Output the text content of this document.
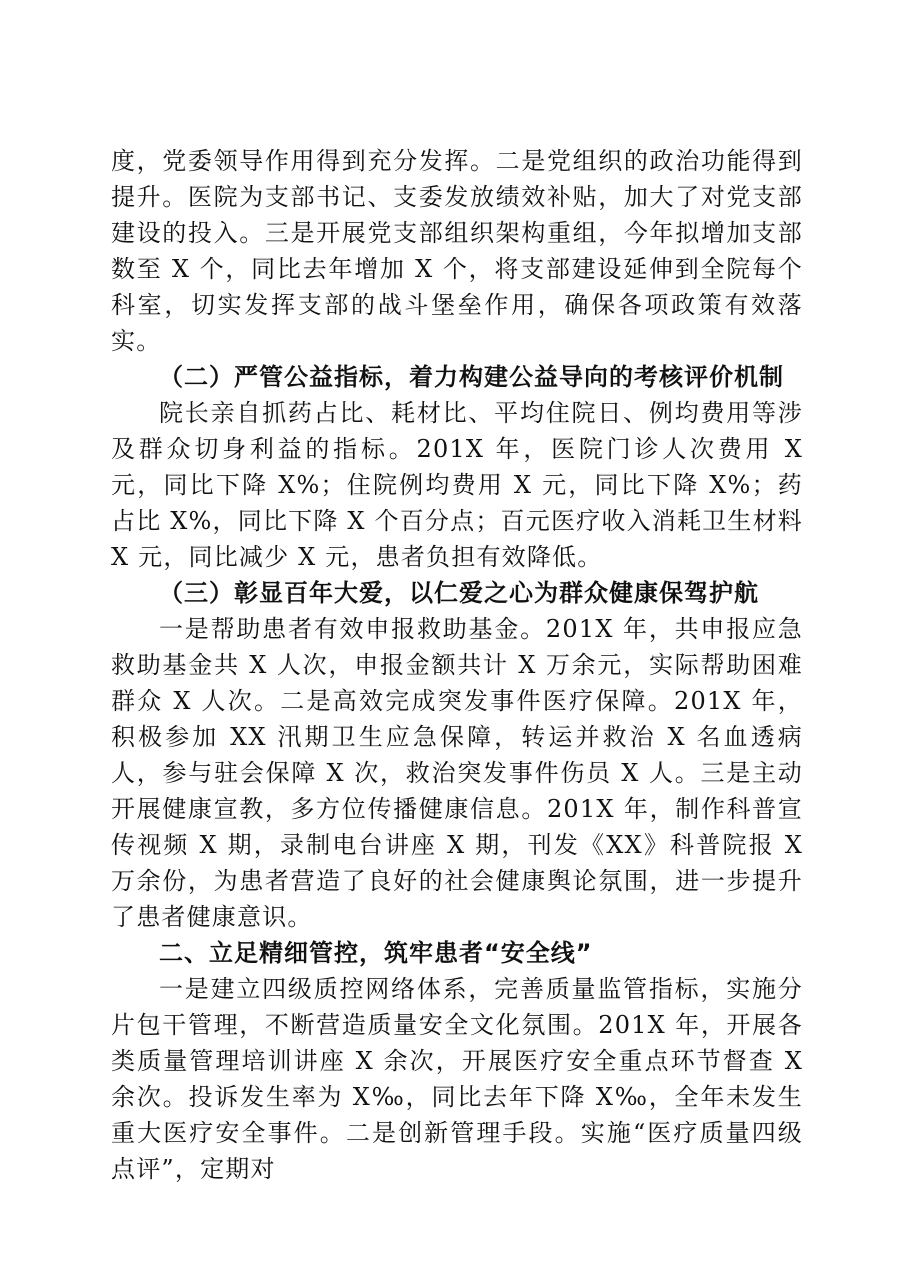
度，党委领导作用得到充分发挥。二是党组织的政治功能得到提升。医院为支部书记、支委发放绩效补贴，加大了对党支部建设的投入。三是开展党支部组织架构重组，今年拟增加支部数至 X 个，同比去年增加 X 个，将支部建设延伸到全院每个科室，切实发挥支部的战斗堡垒作用，确保各项政策有效落实。

（二）严管公益指标，着力构建公益导向的考核评价机制

院长亲自抓药占比、耗材比、平均住院日、例均费用等涉及群众切身利益的指标。201X 年，医院门诊人次费用 X 元，同比下降 X%；住院例均费用 X 元，同比下降 X%；药占比 X%，同比下降 X 个百分点；百元医疗收入消耗卫生材料 X 元，同比减少 X 元，患者负担有效降低。

（三）彰显百年大爱，以仁爱之心为群众健康保驾护航

一是帮助患者有效申报救助基金。201X 年，共申报应急救助基金共 X 人次，申报金额共计 X 万余元，实际帮助困难群众 X 人次。二是高效完成突发事件医疗保障。201X 年，积极参加 XX 汛期卫生应急保障，转运并救治 X 名血透病人，参与驻会保障 X 次，救治突发事件伤员 X 人。三是主动开展健康宣教，多方位传播健康信息。201X 年，制作科普宣传视频 X 期，录制电台讲座 X 期，刊发《XX》科普院报 X 万余份，为患者营造了良好的社会健康舆论氛围，进一步提升了患者健康意识。

二、立足精细管控，筑牢患者“安全线”

一是建立四级质控网络体系，完善质量监管指标，实施分片包干管理，不断营造质量安全文化氛围。201X 年，开展各类质量管理培训讲座 X 余次，开展医疗安全重点环节督查 X 余次。投诉发生率为 X‰，同比去年下降 X‰，全年未发生重大医疗安全事件。二是创新管理手段。实施“医疗质量四级点评”，定期对
